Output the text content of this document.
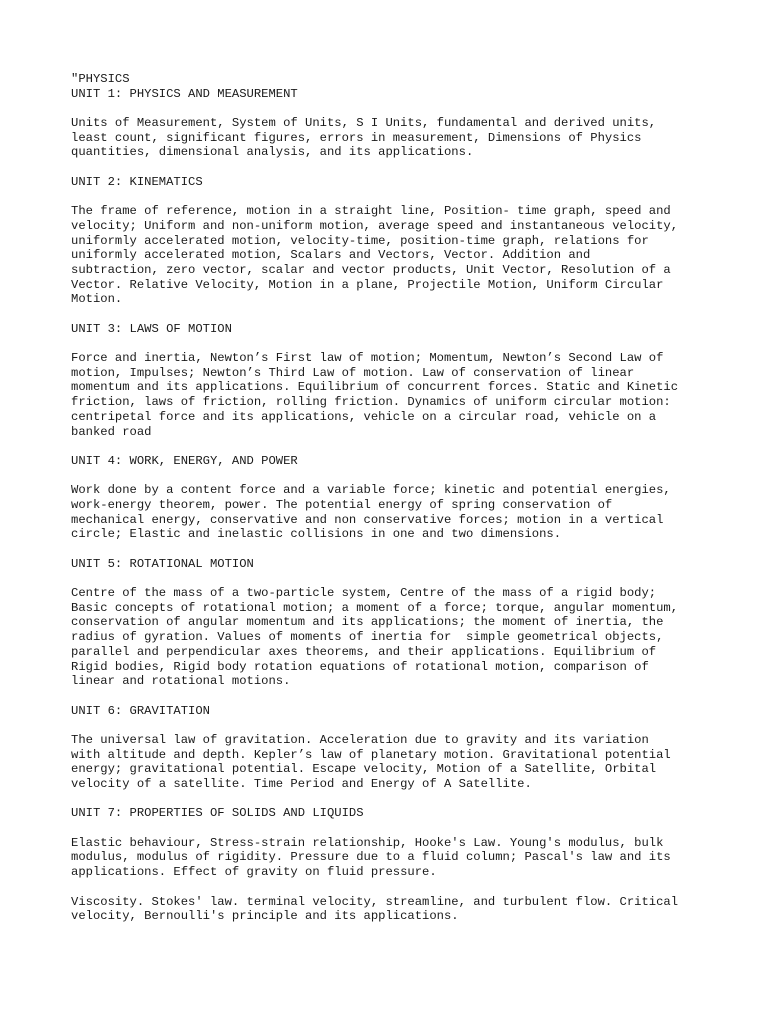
"PHYSICS
UNIT 1: PHYSICS AND MEASUREMENT
Units of Measurement, System of Units, S I Units, fundamental and derived units,
least count, significant figures, errors in measurement, Dimensions of Physics
quantities, dimensional analysis, and its applications.
UNIT 2: KINEMATICS
The frame of reference, motion in a straight line, Position- time graph, speed and
velocity; Uniform and non-uniform motion, average speed and instantaneous velocity,
uniformly accelerated motion, velocity-time, position-time graph, relations for
uniformly accelerated motion, Scalars and Vectors, Vector. Addition and
subtraction, zero vector, scalar and vector products, Unit Vector, Resolution of a
Vector. Relative Velocity, Motion in a plane, Projectile Motion, Uniform Circular
Motion.
UNIT 3: LAWS OF MOTION
Force and inertia, Newton’s First law of motion; Momentum, Newton’s Second Law of
motion, Impulses; Newton’s Third Law of motion. Law of conservation of linear
momentum and its applications. Equilibrium of concurrent forces. Static and Kinetic
friction, laws of friction, rolling friction. Dynamics of uniform circular motion:
centripetal force and its applications, vehicle on a circular road, vehicle on a
banked road
UNIT 4: WORK, ENERGY, AND POWER
Work done by a content force and a variable force; kinetic and potential energies,
work-energy theorem, power. The potential energy of spring conservation of
mechanical energy, conservative and non conservative forces; motion in a vertical
circle; Elastic and inelastic collisions in one and two dimensions.
UNIT 5: ROTATIONAL MOTION
Centre of the mass of a two-particle system, Centre of the mass of a rigid body;
Basic concepts of rotational motion; a moment of a force; torque, angular momentum,
conservation of angular momentum and its applications; the moment of inertia, the
radius of gyration. Values of moments of inertia for  simple geometrical objects,
parallel and perpendicular axes theorems, and their applications. Equilibrium of
Rigid bodies, Rigid body rotation equations of rotational motion, comparison of
linear and rotational motions.
UNIT 6: GRAVITATION
The universal law of gravitation. Acceleration due to gravity and its variation
with altitude and depth. Kepler’s law of planetary motion. Gravitational potential
energy; gravitational potential. Escape velocity, Motion of a Satellite, Orbital
velocity of a satellite. Time Period and Energy of A Satellite.
UNIT 7: PROPERTIES OF SOLIDS AND LIQUIDS
Elastic behaviour, Stress-strain relationship, Hooke's Law. Young's modulus, bulk
modulus, modulus of rigidity. Pressure due to a fluid column; Pascal's law and its
applications. Effect of gravity on fluid pressure.
Viscosity. Stokes' law. terminal velocity, streamline, and turbulent flow. Critical
velocity, Bernoulli's principle and its applications.
